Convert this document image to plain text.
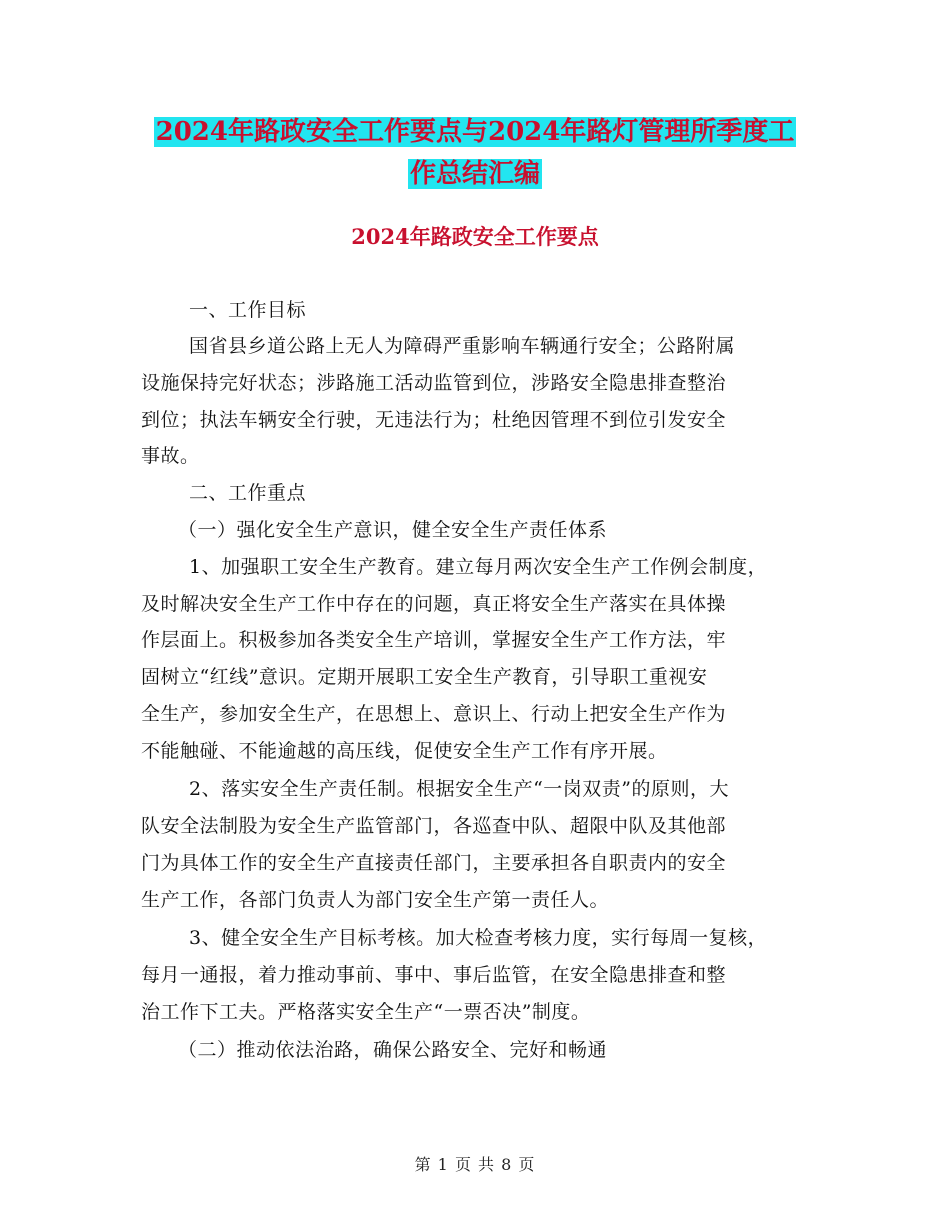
2024年路政安全工作要点与2024年路灯管理所季度工
作总结汇编
2024年路政安全工作要点

一、工作目标

国省县乡道公路上无人为障碍严重影响车辆通行安全；公路附属

设施保持完好状态；涉路施工活动监管到位，涉路安全隐患排查整治

到位；执法车辆安全行驶，无违法行为；杜绝因管理不到位引发安全

事故。

二、工作重点

（一）强化安全生产意识，健全安全生产责任体系

1、加强职工安全生产教育。建立每月两次安全生产工作例会制度，

及时解决安全生产工作中存在的问题，真正将安全生产落实在具体操

作层面上。积极参加各类安全生产培训，掌握安全生产工作方法，牢

固树立“红线”意识。定期开展职工安全生产教育，引导职工重视安

全生产，参加安全生产，在思想上、意识上、行动上把安全生产作为

不能触碰、不能逾越的高压线，促使安全生产工作有序开展。

2、落实安全生产责任制。根据安全生产“一岗双责”的原则，大

队安全法制股为安全生产监管部门，各巡查中队、超限中队及其他部

门为具体工作的安全生产直接责任部门，主要承担各自职责内的安全

生产工作，各部门负责人为部门安全生产第一责任人。

3、健全安全生产目标考核。加大检查考核力度，实行每周一复核，

每月一通报，着力推动事前、事中、事后监管，在安全隐患排查和整

治工作下工夫。严格落实安全生产“一票否决”制度。

（二）推动依法治路，确保公路安全、完好和畅通

第 1 页 共 8 页
